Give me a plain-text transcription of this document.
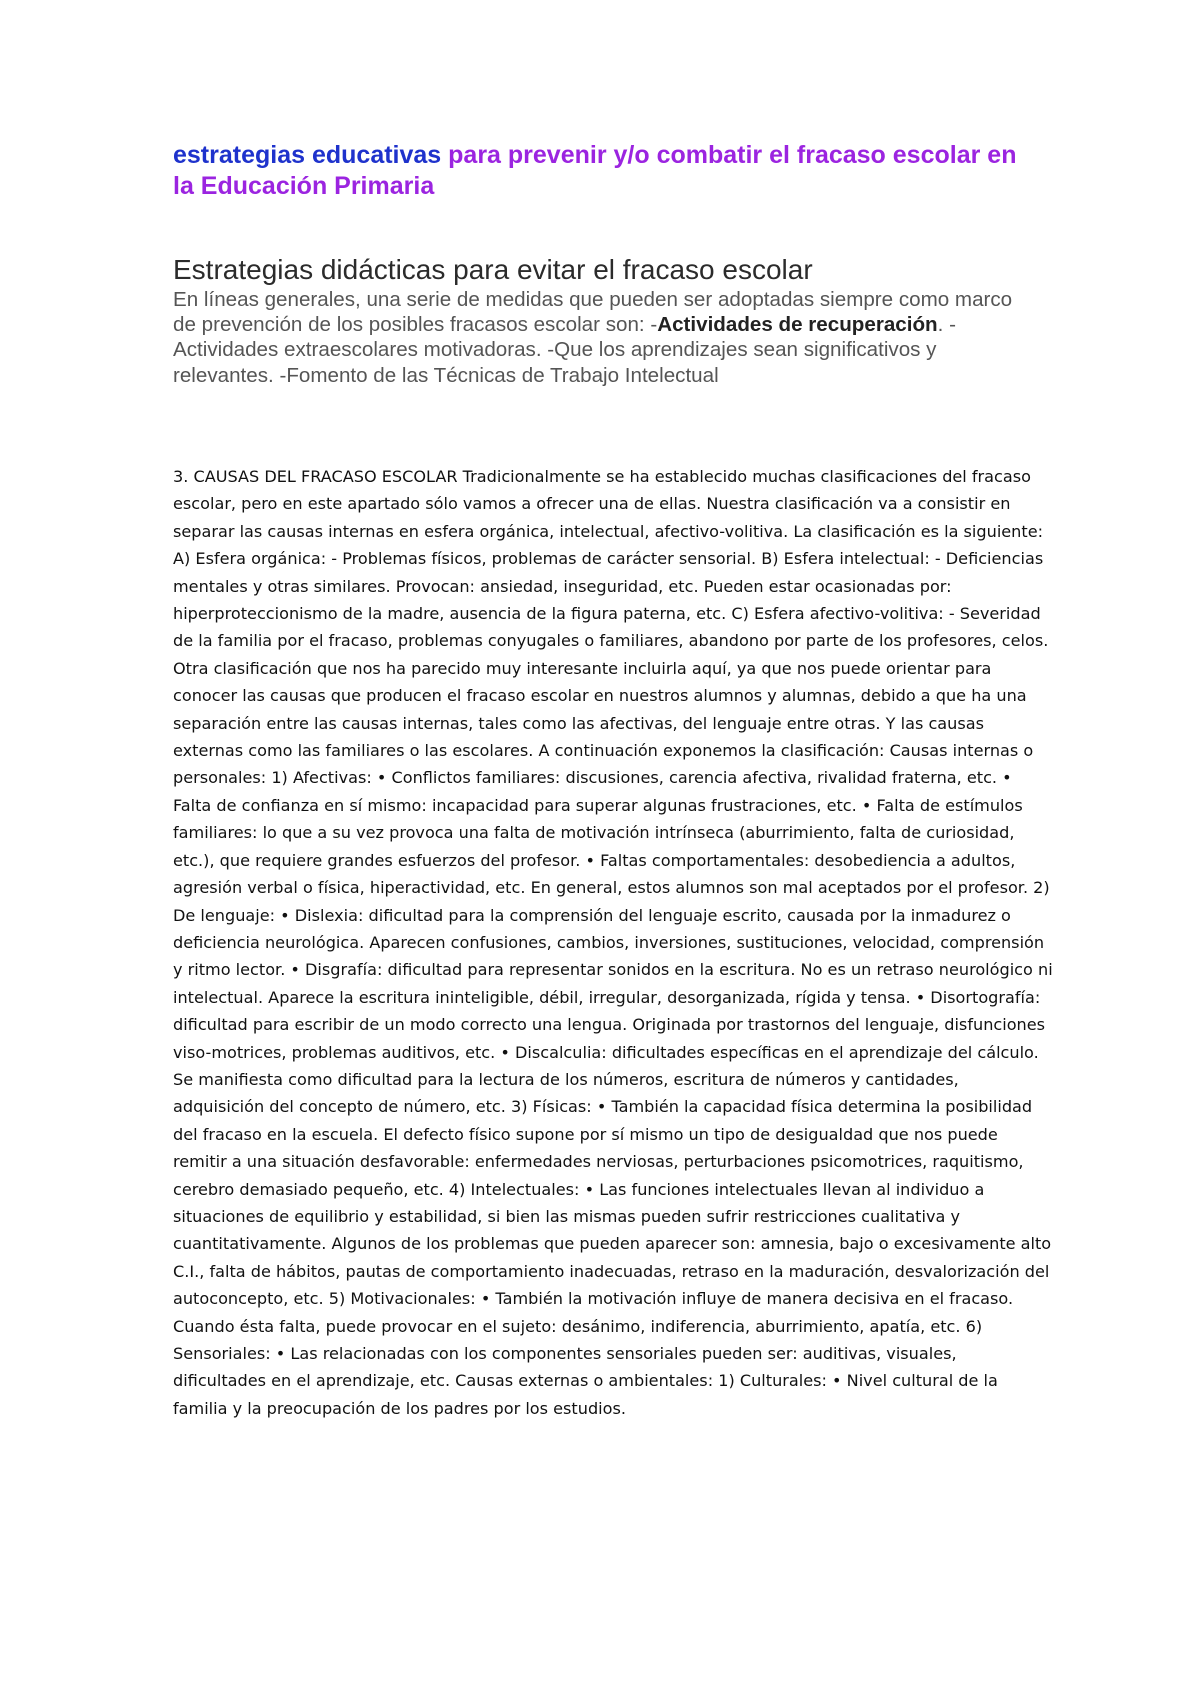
estrategias educativas para prevenir y/o combatir el fracaso escolar en la Educación Primaria
Estrategias didácticas para evitar el fracaso escolar

En líneas generales, una serie de medidas que pueden ser adoptadas siempre como marco de prevención de los posibles fracasos escolar son: -Actividades de recuperación. -Actividades extraescolares motivadoras. -Que los aprendizajes sean significativos y relevantes. -Fomento de las Técnicas de Trabajo Intelectual

3. CAUSAS DEL FRACASO ESCOLAR Tradicionalmente se ha establecido muchas clasificaciones del fracaso escolar, pero en este apartado sólo vamos a ofrecer una de ellas. Nuestra clasificación va a consistir en separar las causas internas en esfera orgánica, intelectual, afectivo-volitiva. La clasificación es la siguiente: A) Esfera orgánica: - Problemas físicos, problemas de carácter sensorial. B) Esfera intelectual: - Deficiencias mentales y otras similares. Provocan: ansiedad, inseguridad, etc. Pueden estar ocasionadas por: hiperproteccionismo de la madre, ausencia de la figura paterna, etc. C) Esfera afectivo-volitiva: - Severidad de la familia por el fracaso, problemas conyugales o familiares, abandono por parte de los profesores, celos. Otra clasificación que nos ha parecido muy interesante incluirla aquí, ya que nos puede orientar para conocer las causas que producen el fracaso escolar en nuestros alumnos y alumnas, debido a que ha una separación entre las causas internas, tales como las afectivas, del lenguaje entre otras. Y las causas externas como las familiares o las escolares. A continuación exponemos la clasificación: Causas internas o personales: 1) Afectivas: • Conflictos familiares: discusiones, carencia afectiva, rivalidad fraterna, etc. • Falta de confianza en sí mismo: incapacidad para superar algunas frustraciones, etc. • Falta de estímulos familiares: lo que a su vez provoca una falta de motivación intrínseca (aburrimiento, falta de curiosidad, etc.), que requiere grandes esfuerzos del profesor. • Faltas comportamentales: desobediencia a adultos, agresión verbal o física, hiperactividad, etc. En general, estos alumnos son mal aceptados por el profesor. 2) De lenguaje: • Dislexia: dificultad para la comprensión del lenguaje escrito, causada por la inmadurez o deficiencia neurológica. Aparecen confusiones, cambios, inversiones, sustituciones, velocidad, comprensión y ritmo lector. • Disgrafía: dificultad para representar sonidos en la escritura. No es un retraso neurológico ni intelectual. Aparece la escritura ininteligible, débil, irregular, desorganizada, rígida y tensa. • Disortografía: dificultad para escribir de un modo correcto una lengua. Originada por trastornos del lenguaje, disfunciones viso-motrices, problemas auditivos, etc. • Discalculia: dificultades específicas en el aprendizaje del cálculo. Se manifiesta como dificultad para la lectura de los números, escritura de números y cantidades, adquisición del concepto de número, etc. 3) Físicas: • También la capacidad física determina la posibilidad del fracaso en la escuela. El defecto físico supone por sí mismo un tipo de desigualdad que nos puede remitir a una situación desfavorable: enfermedades nerviosas, perturbaciones psicomotrices, raquitismo, cerebro demasiado pequeño, etc. 4) Intelectuales: • Las funciones intelectuales llevan al individuo a situaciones de equilibrio y estabilidad, si bien las mismas pueden sufrir restricciones cualitativa y cuantitativamente. Algunos de los problemas que pueden aparecer son: amnesia, bajo o excesivamente alto C.I., falta de hábitos, pautas de comportamiento inadecuadas, retraso en la maduración, desvalorización del autoconcepto, etc. 5) Motivacionales: • También la motivación influye de manera decisiva en el fracaso. Cuando ésta falta, puede provocar en el sujeto: desánimo, indiferencia, aburrimiento, apatía, etc. 6) Sensoriales: • Las relacionadas con los componentes sensoriales pueden ser: auditivas, visuales, dificultades en el aprendizaje, etc. Causas externas o ambientales: 1) Culturales: • Nivel cultural de la familia y la preocupación de los padres por los estudios.
